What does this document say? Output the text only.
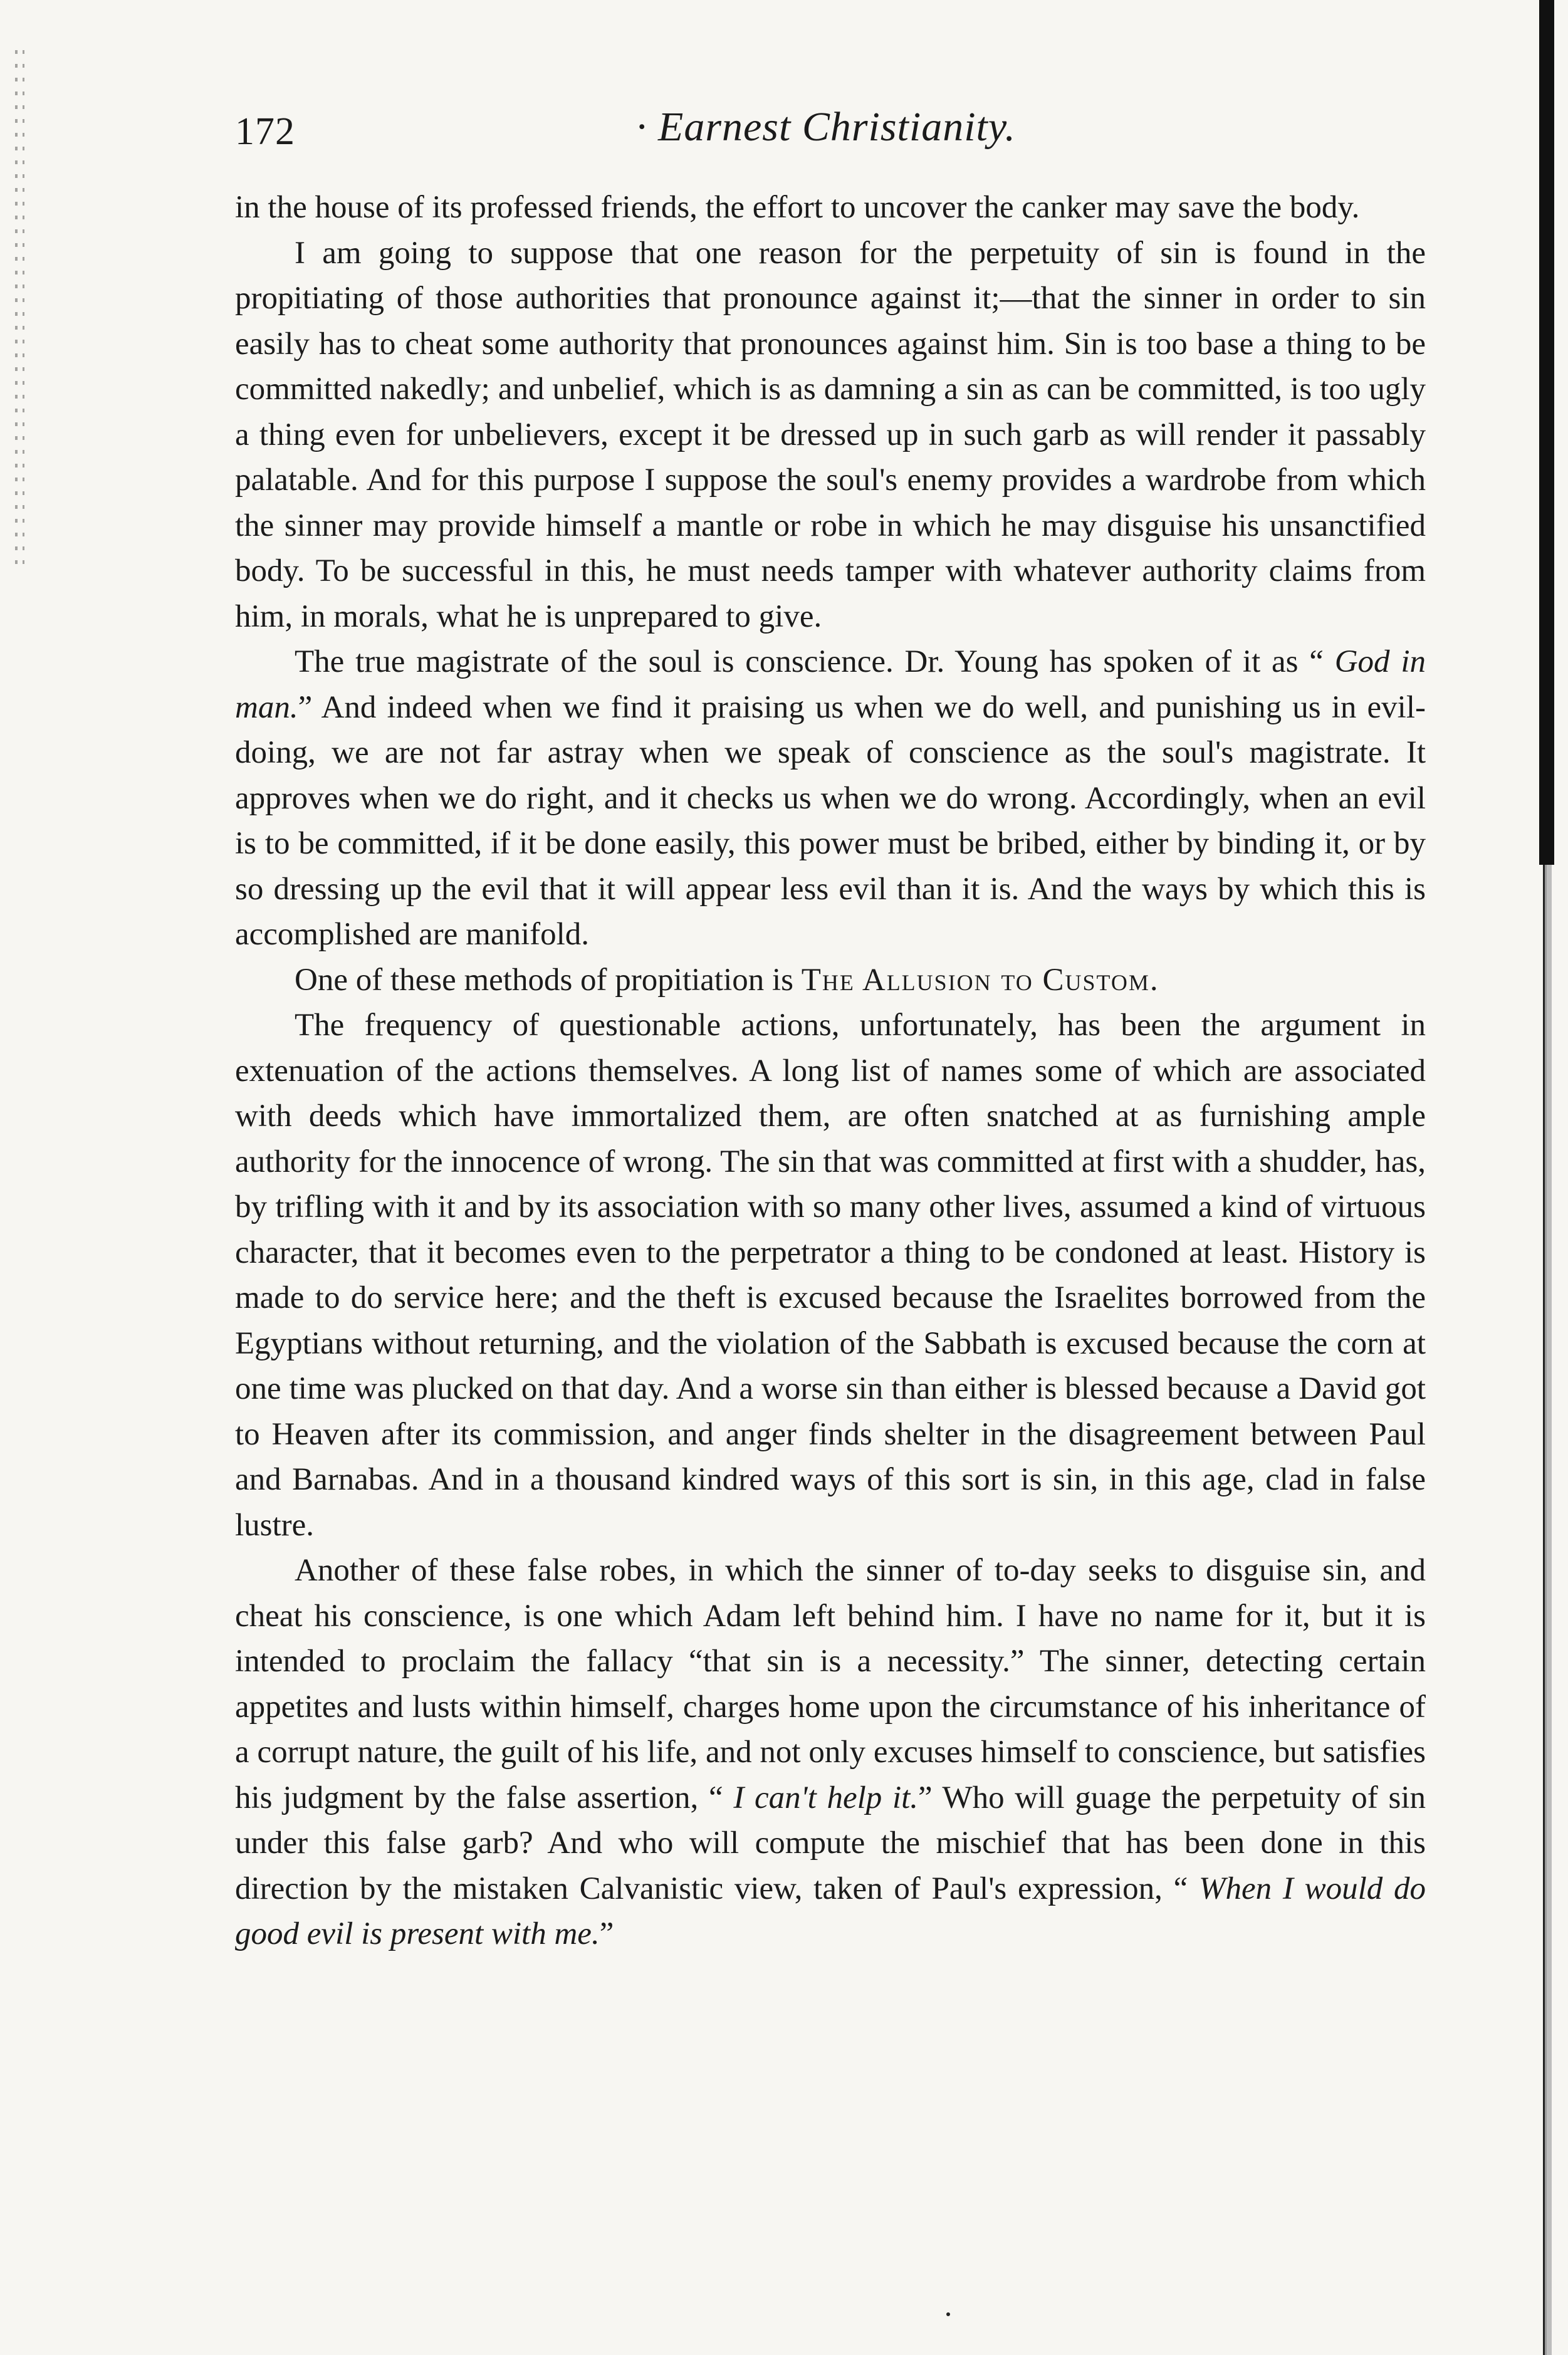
172	· Earnest Christianity.

in the house of its professed friends, the effort to uncover the canker may save the body.

I am going to suppose that one reason for the perpetuity of sin is found in the propitiating of those authorities that pronounce against it;—that the sinner in order to sin easily has to cheat some authority that pronounces against him. Sin is too base a thing to be committed nakedly; and unbelief, which is as damning a sin as can be committed, is too ugly a thing even for unbelievers, except it be dressed up in such garb as will render it passably palatable. And for this purpose I suppose the soul's enemy provides a wardrobe from which the sinner may provide himself a mantle or robe in which he may disguise his unsanctified body. To be successful in this, he must needs tamper with whatever authority claims from him, in morals, what he is unprepared to give.

The true magistrate of the soul is conscience. Dr. Young has spoken of it as “ God in man.” And indeed when we find it praising us when we do well, and punishing us in evil-doing, we are not far astray when we speak of conscience as the soul's magistrate. It approves when we do right, and it checks us when we do wrong. Accordingly, when an evil is to be committed, if it be done easily, this power must be bribed, either by binding it, or by so dressing up the evil that it will appear less evil than it is. And the ways by which this is accomplished are manifold.

One of these methods of propitiation is The Allusion to Custom.

The frequency of questionable actions, unfortunately, has been the argument in extenuation of the actions themselves. A long list of names some of which are associated with deeds which have immortalized them, are often snatched at as furnishing ample authority for the innocence of wrong. The sin that was committed at first with a shudder, has, by trifling with it and by its association with so many other lives, assumed a kind of virtuous character, that it becomes even to the perpetrator a thing to be condoned at least. History is made to do service here; and the theft is excused because the Israelites borrowed from the Egyptians without returning, and the violation of the Sabbath is excused because the corn at one time was plucked on that day. And a worse sin than either is blessed because a David got to Heaven after its commission, and anger finds shelter in the disagreement between Paul and Barnabas. And in a thousand kindred ways of this sort is sin, in this age, clad in false lustre.

Another of these false robes, in which the sinner of to-day seeks to disguise sin, and cheat his conscience, is one which Adam left behind him. I have no name for it, but it is intended to proclaim the fallacy “that sin is a necessity.” The sinner, detecting certain appetites and lusts within himself, charges home upon the circumstance of his inheritance of a corrupt nature, the guilt of his life, and not only excuses himself to conscience, but satisfies his judgment by the false assertion, “ I can't help it.” Who will guage the perpetuity of sin under this false garb? And who will compute the mischief that has been done in this direction by the mistaken Calvanistic view, taken of Paul's expression, “ When I would do good evil is present with me.”
